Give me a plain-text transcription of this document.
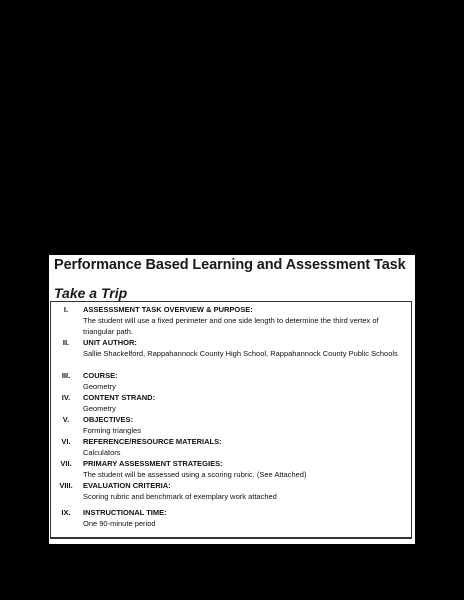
Performance Based Learning and Assessment Task
Take a Trip
I.	ASSESSSMENT TASK OVERVIEW & PURPOSE:
The student will use a fixed perimeter and one side length to determine the third vertex of triangular path.
II.	UNIT AUTHOR:
Sallie Shackelford, Rappahannock County High School, Rappahannock County Public Schools
III.	COURSE:
Geometry
IV.	CONTENT STRAND:
Geometry
V.	OBJECTIVES:
Forming triangles
VI.	REFERENCE/RESOURCE MATERIALS:
Calculators
VII.	PRIMARY ASSESSMENT STRATEGIES:
The student will be assessed using a scoring rubric. (See Attached)
VIII.	EVALUATION CRITERIA:
Scoring rubric and benchmark of exemplary work attached
IX.	INSTRUCTIONAL TIME:
One 90-minute period
